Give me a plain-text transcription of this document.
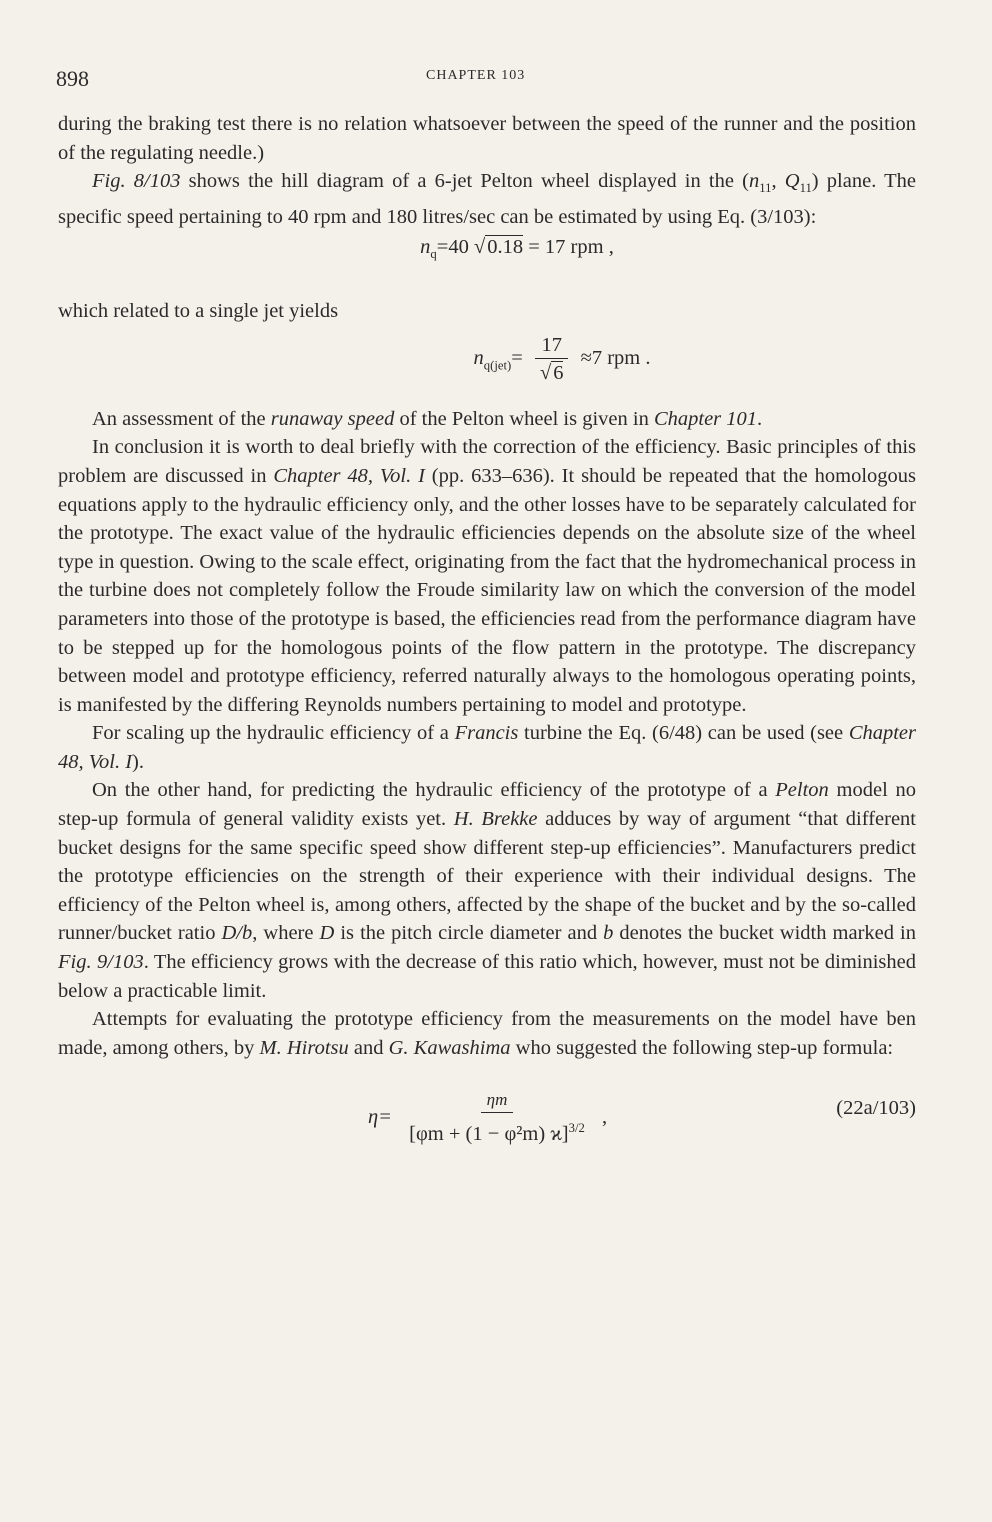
898	CHAPTER 103

during the braking test there is no relation whatsoever between the speed of the runner and the position of the regulating needle.)

Fig. 8/103 shows the hill diagram of a 6-jet Pelton wheel displayed in the ($n_{11}$, $Q_{11}$) plane. The specific speed pertaining to 40 rpm and 180 litres/sec can be estimated by using Eq. (3/103):

$n_q=40$ √0.18 = 17 rpm ,

which related to a single jet yields

$n_{q(jet)}= \frac{17}{√6} \approx 7$ rpm .

An assessment of the runaway speed of the Pelton wheel is given in Chapter 101.

In conclusion it is worth to deal briefly with the correction of the efficiency. Basic principles of this problem are discussed in Chapter 48, Vol. I (pp. 633–636). It should be repeated that the homologous equations apply to the hydraulic efficiency only, and the other losses have to be separately calculated for the prototype. The exact value of the hydraulic efficiencies depends on the absolute size of the wheel type in question. Owing to the scale effect, originating from the fact that the hydromechanical process in the turbine does not completely follow the Froude similarity law on which the conversion of the model parameters into those of the prototype is based, the efficiencies read from the performance diagram have to be stepped up for the homologous points of the flow pattern in the prototype. The discrepancy between model and prototype efficiency, referred naturally always to the homologous operating points, is manifested by the differing Reynolds numbers pertaining to model and prototype.

For scaling up the hydraulic efficiency of a Francis turbine the Eq. (6/48) can be used (see Chapter 48, Vol. I).

On the other hand, for predicting the hydraulic efficiency of the prototype of a Pelton model no step-up formula of general validity exists yet. H. Brekke adduces by way of argument “that different bucket designs for the same specific speed show different step-up efficiencies”. Manufacturers predict the prototype efficiencies on the strength of their experience with their individual designs. The efficiency of the Pelton wheel is, among others, affected by the shape of the bucket and by the so-called runner/bucket ratio D/b, where D is the pitch circle diameter and b denotes the bucket width marked in Fig. 9/103. The efficiency grows with the decrease of this ratio which, however, must not be diminished below a practicable limit.

Attempts for evaluating the prototype efficiency from the measurements on the model have ben made, among others, by M. Hirotsu and G. Kawashima who suggested the following step-up formula:

$\eta= \frac{\eta m}{[\varphi m + (1 - \varphi^2m) ϰ]^{3/2}}$ ,	(22a/103)
